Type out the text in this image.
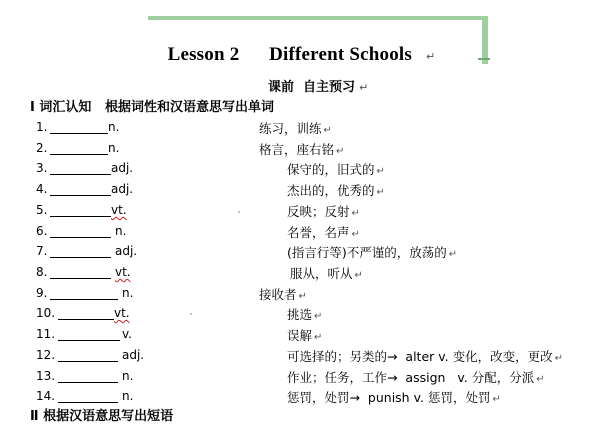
Lesson 2      Different Schools ↵
课前  自主预习 ↵
Ⅰ 词汇认知   根据词性和汉语意思写出单词
1.	n.	练习，训练 ↵
2.	n.	格言，座右铭 ↵
3.	adj.	保守的，旧式的 ↵
4.	adj.	杰出的，优秀的 ↵
5.	vt.	反映；反射 ↵
6.	n.	名誉，名声 ↵
7.	adj.	(指言行等)不严谨的，放荡的 ↵
8.	vt.	服从，听从 ↵
9.	n.	接收者 ↵
10.	vt.	挑选 ↵
11.	v.	误解 ↵
12.	adj.	可选择的；另类的→  alter v. 变化，改变，更改 ↵
13.	n.	作业；任务，工作→  assign   v. 分配，分派 ↵
14.	n.	惩罚，处罚→  punish v. 惩罚，处罚 ↵
Ⅱ 根据汉语意思写出短语
